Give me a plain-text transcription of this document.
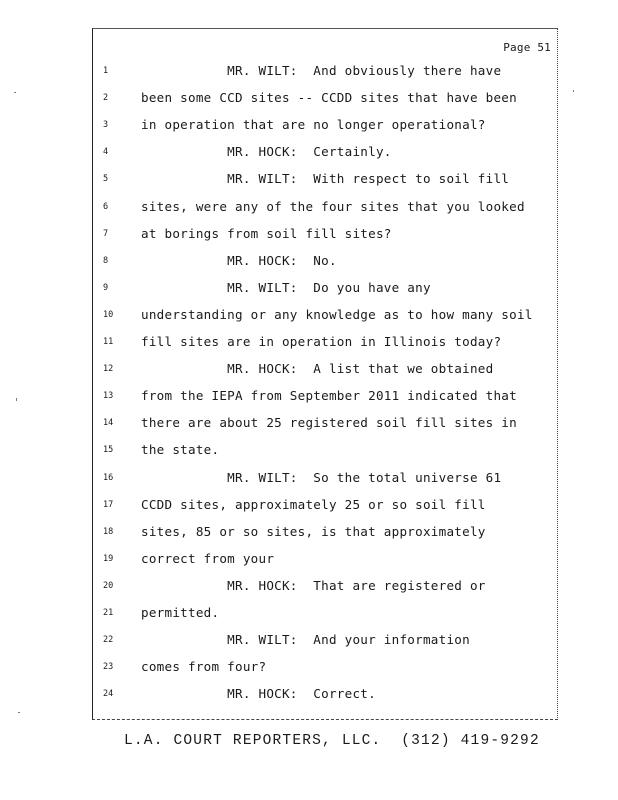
Page 51
1	MR. WILT:  And obviously there have
2	been some CCD sites -- CCDD sites that have been
3	in operation that are no longer operational?
4	MR. HOCK:  Certainly.
5	MR. WILT:  With respect to soil fill
6	sites, were any of the four sites that you looked
7	at borings from soil fill sites?
8	MR. HOCK:  No.
9	MR. WILT:  Do you have any
10	understanding or any knowledge as to how many soil
11	fill sites are in operation in Illinois today?
12	MR. HOCK:  A list that we obtained
13	from the IEPA from September 2011 indicated that
14	there are about 25 registered soil fill sites in
15	the state.
16	MR. WILT:  So the total universe 61
17	CCDD sites, approximately 25 or so soil fill
18	sites, 85 or so sites, is that approximately
19	correct from your
20	MR. HOCK:  That are registered or
21	permitted.
22	MR. WILT:  And your information
23	comes from four?
24	MR. HOCK:  Correct.
L.A. COURT REPORTERS, LLC.  (312) 419-9292
